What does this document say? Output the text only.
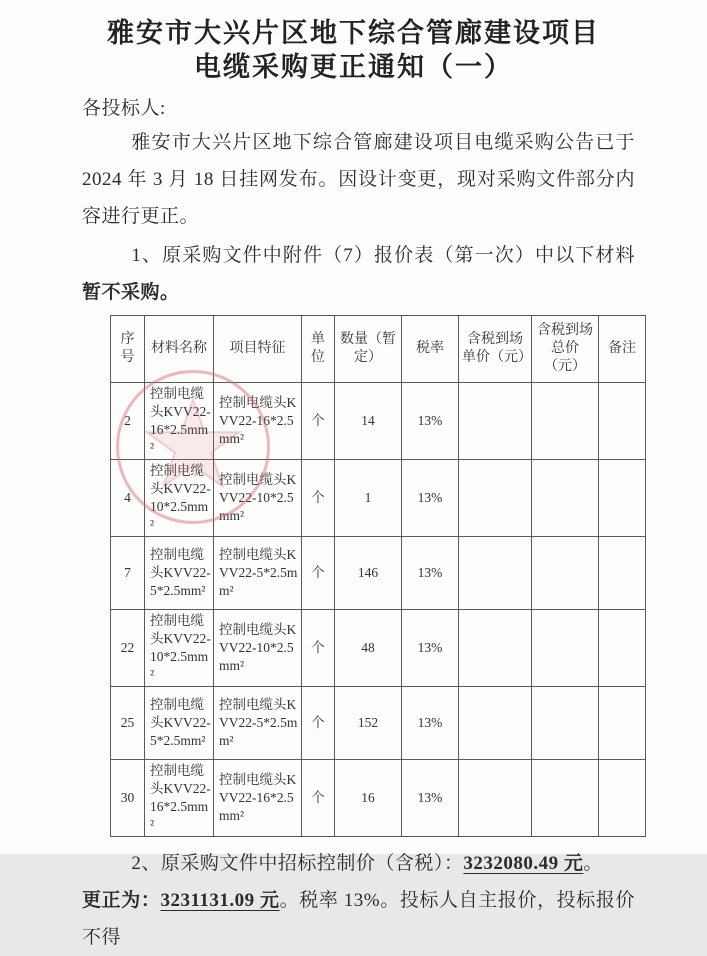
雅安市大兴片区地下综合管廊建设项目
电缆采购更正通知（一）
各投标人:
雅安市大兴片区地下综合管廊建设项目电缆采购公告已于2024 年 3 月 18 日挂网发布。因设计变更，现对采购文件部分内容进行更正。
1、原采购文件中附件（7）报价表（第一次）中以下材料暂不采购。
序号	材料名称	项目特征	单位	数量（暂定）	税率	含税到场单价（元）	含税到场总价（元）	备注
2	控制电缆头KVV22-16*2.5mm²	控制电缆头KVV22-16*2.5mm²	个	14	13%			
4	控制电缆头KVV22-10*2.5mm²	控制电缆头KVV22-10*2.5mm²	个	1	13%			
7	控制电缆头KVV22-5*2.5mm²	控制电缆头KVV22-5*2.5mm²	个	146	13%			
22	控制电缆头KVV22-10*2.5mm²	控制电缆头KVV22-10*2.5mm²	个	48	13%			
25	控制电缆头KVV22-5*2.5mm²	控制电缆头KVV22-5*2.5mm²	个	152	13%			
30	控制电缆头KVV22-16*2.5mm²	控制电缆头KVV22-16*2.5mm²	个	16	13%			
2、原采购文件中招标控制价（含税）：3232080.49 元。
更正为：3231131.09 元。税率 13%。投标人自主报价，投标报价不得
